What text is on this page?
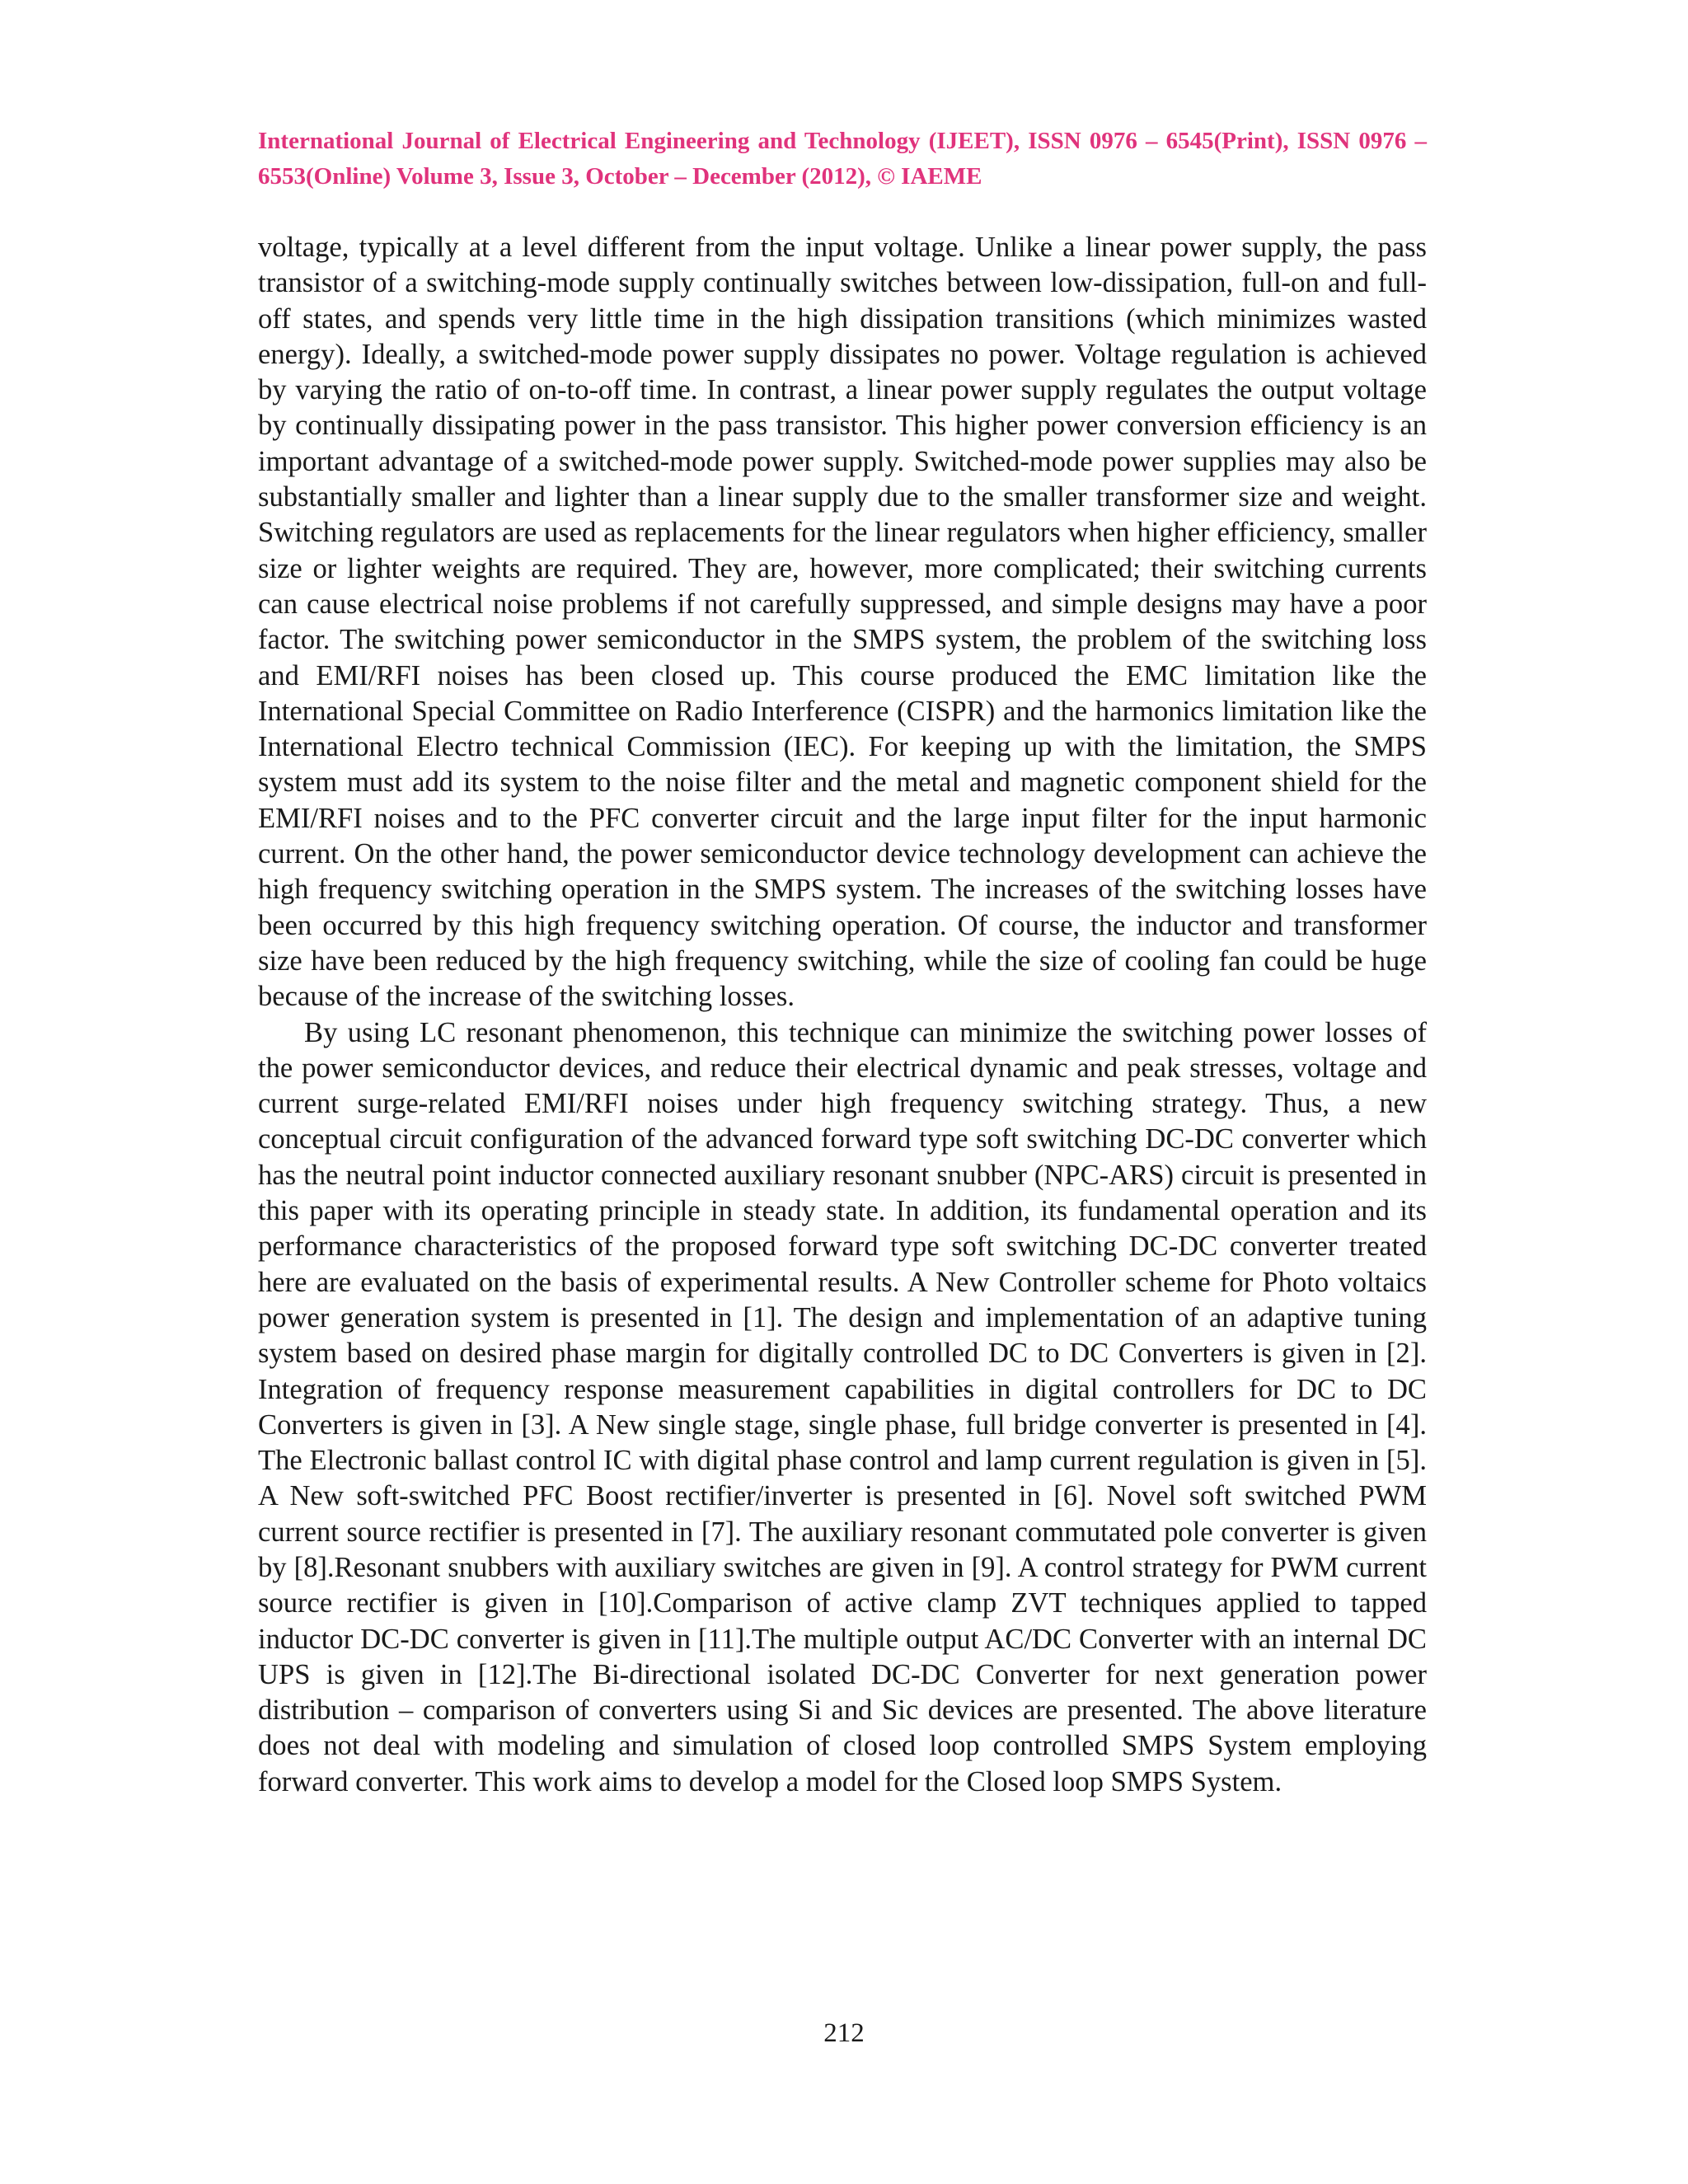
International Journal of Electrical Engineering and Technology (IJEET), ISSN 0976 – 6545(Print), ISSN 0976 – 6553(Online) Volume 3, Issue 3, October – December (2012), © IAEME

voltage, typically at a level different from the input voltage. Unlike a linear power supply, the pass transistor of a switching-mode supply continually switches between low-dissipation, full-on and full-off states, and spends very little time in the high dissipation transitions (which minimizes wasted energy). Ideally, a switched-mode power supply dissipates no power. Voltage regulation is achieved by varying the ratio of on-to-off time. In contrast, a linear power supply regulates the output voltage by continually dissipating power in the pass transistor. This higher power conversion efficiency is an important advantage of a switched-mode power supply. Switched-mode power supplies may also be substantially smaller and lighter than a linear supply due to the smaller transformer size and weight. Switching regulators are used as replacements for the linear regulators when higher efficiency, smaller size or lighter weights are required. They are, however, more complicated; their switching currents can cause electrical noise problems if not carefully suppressed, and simple designs may have a poor factor. The switching power semiconductor in the SMPS system, the problem of the switching loss and EMI/RFI noises has been closed up. This course produced the EMC limitation like the International Special Committee on Radio Interference (CISPR) and the harmonics limitation like the International Electro technical Commission (IEC). For keeping up with the limitation, the SMPS system must add its system to the noise filter and the metal and magnetic component shield for the EMI/RFI noises and to the PFC converter circuit and the large input filter for the input harmonic current. On the other hand, the power semiconductor device technology development can achieve the high frequency switching operation in the SMPS system. The increases of the switching losses have been occurred by this high frequency switching operation. Of course, the inductor and transformer size have been reduced by the high frequency switching, while the size of cooling fan could be huge because of the increase of the switching losses.

By using LC resonant phenomenon, this technique can minimize the switching power losses of the power semiconductor devices, and reduce their electrical dynamic and peak stresses, voltage and current surge-related EMI/RFI noises under high frequency switching strategy. Thus, a new conceptual circuit configuration of the advanced forward type soft switching DC-DC converter which has the neutral point inductor connected auxiliary resonant snubber (NPC-ARS) circuit is presented in this paper with its operating principle in steady state. In addition, its fundamental operation and its performance characteristics of the proposed forward type soft switching DC-DC converter treated here are evaluated on the basis of experimental results. A New Controller scheme for Photo voltaics power generation system is presented in [1]. The design and implementation of an adaptive tuning system based on desired phase margin for digitally controlled DC to DC Converters is given in [2]. Integration of frequency response measurement capabilities in digital controllers for DC to DC Converters is given in [3]. A New single stage, single phase, full bridge converter is presented in [4]. The Electronic ballast control IC with digital phase control and lamp current regulation is given in [5]. A New soft-switched PFC Boost rectifier/inverter is presented in [6]. Novel soft switched PWM current source rectifier is presented in [7]. The auxiliary resonant commutated pole converter is given by [8].Resonant snubbers with auxiliary switches are given in [9]. A control strategy for PWM current source rectifier is given in [10].Comparison of active clamp ZVT techniques applied to tapped inductor DC-DC converter is given in [11].The multiple output AC/DC Converter with an internal DC UPS is given in [12].The Bi-directional isolated DC-DC Converter for next generation power distribution – comparison of converters using Si and Sic devices are presented. The above literature does not deal with modeling and simulation of closed loop controlled SMPS System employing forward converter. This work aims to develop a model for the Closed loop SMPS System.

212
